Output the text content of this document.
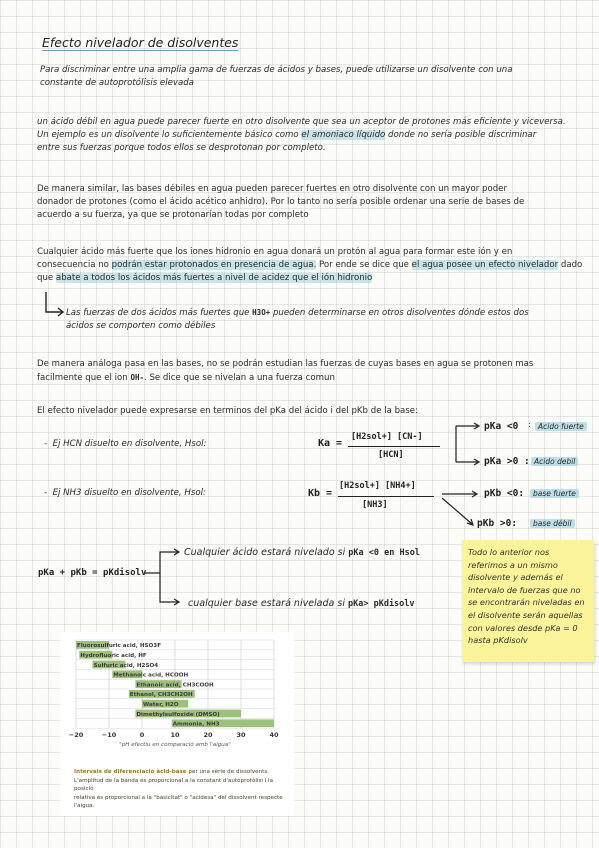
Efecto nivelador de disolventes
Para discriminar entre una amplia gama de fuerzas de ácidos y bases, puede utilizarse un disolvente con una constante de autoprotólisis elevada
un ácido débil en agua puede parecer fuerte en otro disolvente que sea un aceptor de protones más eficiente y viceversa.
Un ejemplo es un disolvente lo suficientemente básico como el amoniaco líquido donde no sería posible discriminar
entre sus fuerzas porque todos ellos se desprotonan por completo.
De manera similar, las bases débiles en agua pueden parecer fuertes en otro disolvente con un mayor poder
donador de protones (como el ácido acético anhidro). Por lo tanto no sería posible ordenar una serie de bases de
acuerdo a su fuerza, ya que se protonarían todas por completo
Cualquier ácido más fuerte que los iones hidronio en agua donará un protón al agua para formar este ión y en
consecuencia no podrán estar protonados en presencia de agua. Por ende se dice que el agua posee un efecto nivelador dado
que abate a todos los ácidos más fuertes a nivel de acidez que el ión hidronio
Las fuerzas de dos ácidos más fuertes que H3O+ pueden determinarse en otros disolventes dónde estos dos
ácidos se comporten como débiles
De manera análoga pasa en las bases, no se podrán estudian las fuerzas de cuyas bases en agua se protonen mas
facilmente que el ion OH-. Se dice que se nivelan a una fuerza comun
El efecto nivelador puede expresarse en terminos del pKa del ácido i del pKb de la base:
-  Ej HCN disuelto en disolvente, Hsol:	Ka =
[H2sol+] [CN-]
[HCN]
pKa <0 : Acido fuerte
pKa >0 : Acido debil
-  Ej NH3 disuelto en disolvente, Hsol:	Kb =
[H2sol+] [NH4+]
[NH3]
pKb <0:	base fuerte
pKb >0:	base débil
pKa + pKb = pKdisolv
Cualquier ácido estará nivelado si pKa <0 en Hsol
cualquier base estará nivelada si pKa> pKdisolv
Todo lo anterior nos referimos a un mismo disolvente y además el intervalo de fuerzas que no se encontrarán niveladas en el disolvente serán aquellas con valores desde pKa = 0 hasta pKdisolv
Fluorosulfuric acid, HSO3F
Hydrofluoric acid, HF
Sulfuric acid, H2SO4
Methanoic acid, HCOOH
Ethanoic acid, CH3COOH
Ethanol, CH3CH2OH
Water, H2O
Dimethylsulfoxide (DMSO)
Ammonia, NH3
−20	−10	0	10	20	30	40
"pH efectiu en comparació amb l'aigua"
Intervals de diferenciació àcid-base per una sèrie de dissolvents.
L'amplitud de la banda és proporcional a la constant d'autoprotòlisi i la posició
relativa és proporcional a la "basicitat" o "acidesa" del dissolvent respecte l'aigua.
